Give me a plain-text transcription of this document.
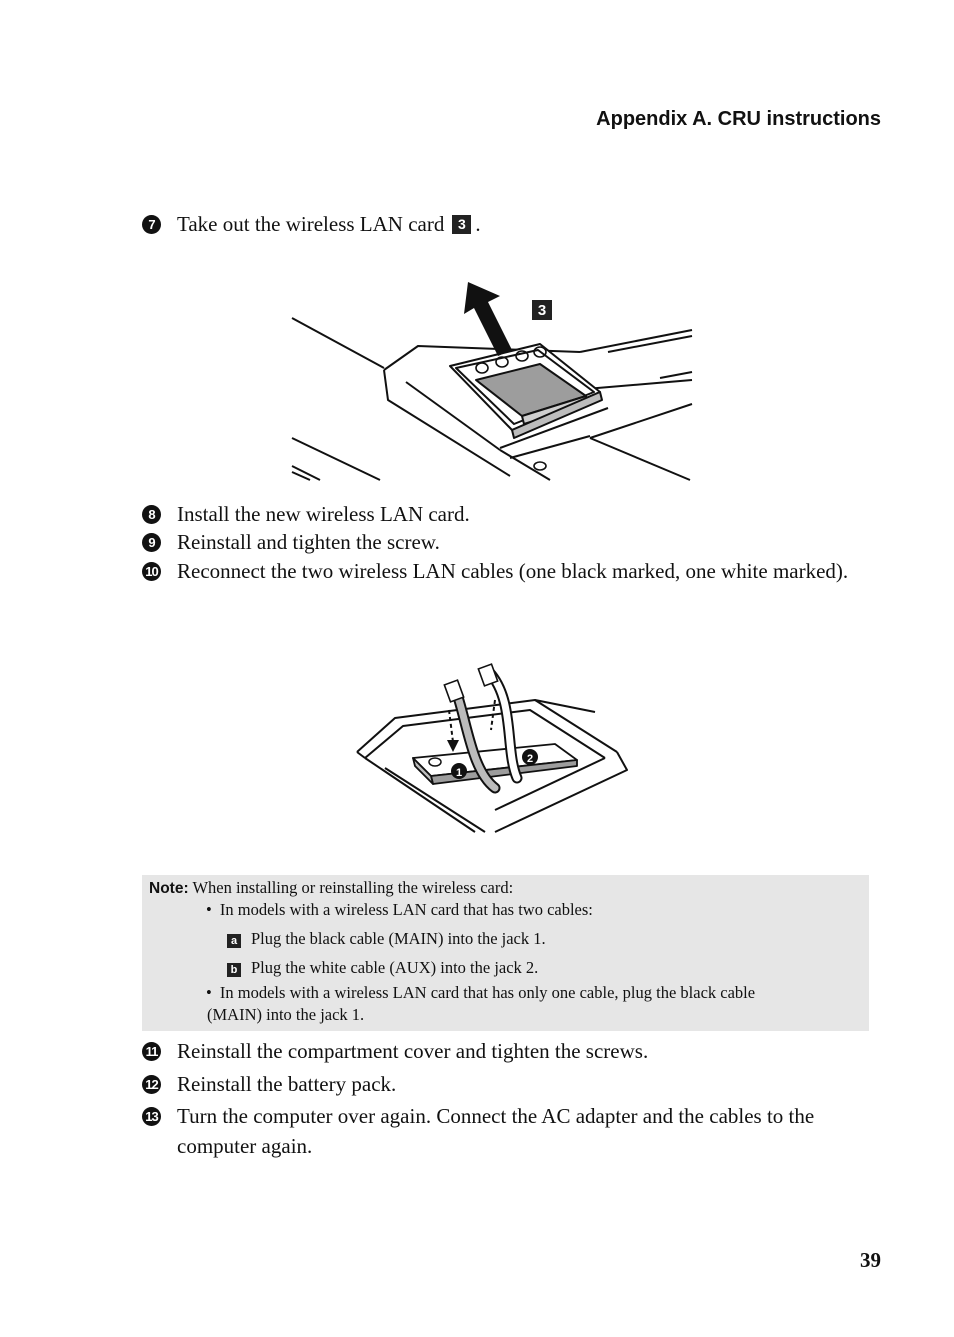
Appendix A. CRU instructions
7	Take out the wireless LAN card 3 .
3
8	Install the new wireless LAN card.
9	Reinstall and tighten the screw.
10 Reconnect the two wireless LAN cables (one black marked, one white marked).
1
2
Note: When installing or reinstalling the wireless card:
• In models with a wireless LAN card that has two cables:
a Plug the black cable (MAIN) into the jack 1.
b Plug the white cable (AUX) into the jack 2.
• In models with a wireless LAN card that has only one cable, plug the black cable
(MAIN) into the jack 1.
11 Reinstall the compartment cover and tighten the screws.
12 Reinstall the battery pack.
13 Turn the computer over again. Connect the AC adapter and the cables to the computer again.
39
